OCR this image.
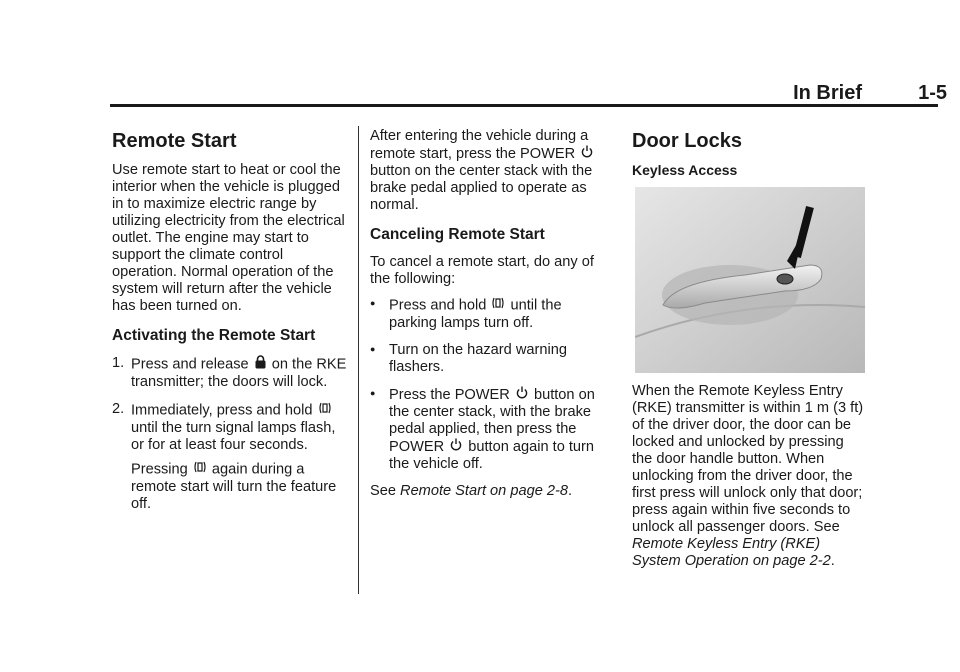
In Brief	1-5
Remote Start

Use remote start to heat or cool the interior when the vehicle is plugged in to maximize electric range by utilizing electricity from the electrical outlet. The engine may start to support the climate control operation. Normal operation of the system will return after the vehicle has been turned on.

Activating the Remote Start
1. Press and release on the RKE transmitter; the doors will lock.
2. Immediately, press and hold  until the turn signal lamps flash, or for at least four seconds.
Pressing again during a remote start will turn the feature off.

After entering the vehicle during a remote start, press the POWER  button on the center stack with the brake pedal applied to operate as normal.

Canceling Remote Start

To cancel a remote start, do any of the following:

● Press and hold until the parking lamps turn off.
● Turn on the hazard warning flashers.
● Press the POWER button on the center stack, with the brake pedal applied, then press the POWER button again to turn the vehicle off.

See Remote Start on page 2-8.

Door Locks
Keyless Access

When the Remote Keyless Entry (RKE) transmitter is within 1 m (3 ft) of the driver door, the door can be locked and unlocked by pressing the door handle button. When unlocking from the driver door, the first press will unlock only that door; press again within five seconds to unlock all passenger doors. See Remote Keyless Entry (RKE) System Operation on page 2-2.
